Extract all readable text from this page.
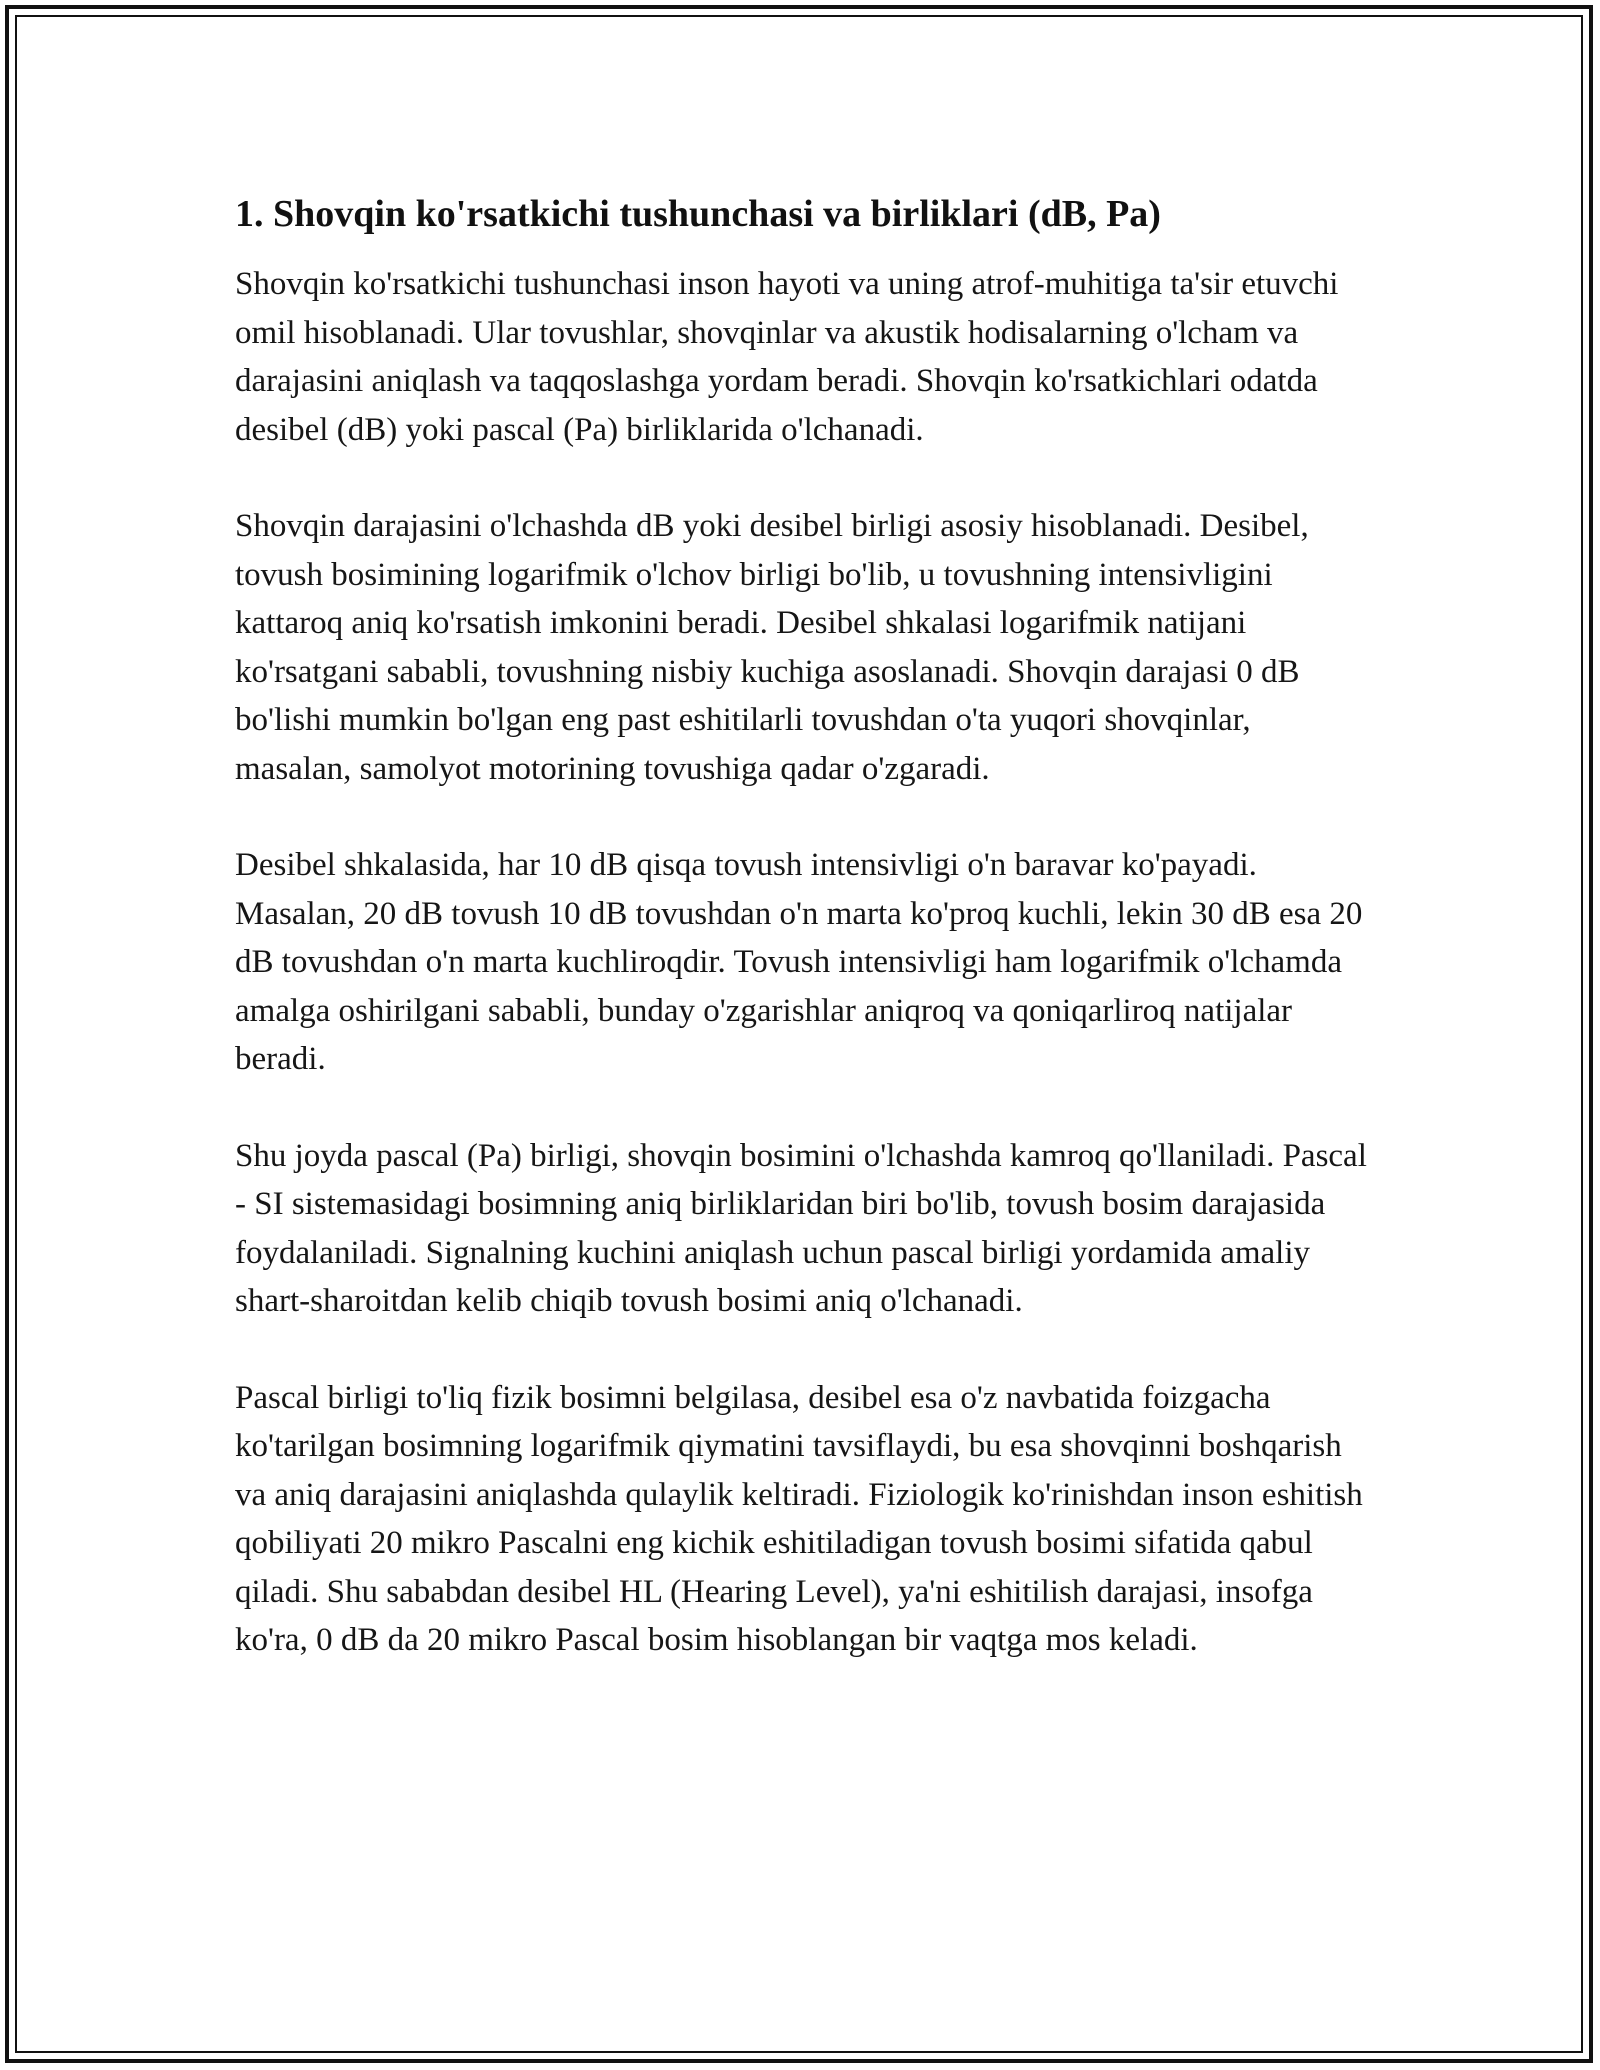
1. Shovqin ko'rsatkichi tushunchasi va birliklari (dB, Pa)

Shovqin ko'rsatkichi tushunchasi inson hayoti va uning atrof-muhitiga ta'sir etuvchi omil hisoblanadi. Ular tovushlar, shovqinlar va akustik hodisalarning o'lcham va darajasini aniqlash va taqqoslashga yordam beradi. Shovqin ko'rsatkichlari odatda desibel (dB) yoki pascal (Pa) birliklarida o'lchanadi.

Shovqin darajasini o'lchashda dB yoki desibel birligi asosiy hisoblanadi. Desibel, tovush bosimining logarifmik o'lchov birligi bo'lib, u tovushning intensivligini kattaroq aniq ko'rsatish imkonini beradi. Desibel shkalasi logarifmik natijani ko'rsatgani sababli, tovushning nisbiy kuchiga asoslanadi. Shovqin darajasi 0 dB bo'lishi mumkin bo'lgan eng past eshitilarli tovushdan o'ta yuqori shovqinlar, masalan, samolyot motorining tovushiga qadar o'zgaradi.

Desibel shkalasida, har 10 dB qisqa tovush intensivligi o'n baravar ko'payadi. Masalan, 20 dB tovush 10 dB tovushdan o'n marta ko'proq kuchli, lekin 30 dB esa 20 dB tovushdan o'n marta kuchliroqdir. Tovush intensivligi ham logarifmik o'lchamda amalga oshirilgani sababli, bunday o'zgarishlar aniqroq va qoniqarliroq natijalar beradi.

Shu joyda pascal (Pa) birligi, shovqin bosimini o'lchashda kamroq qo'llaniladi. Pascal - SI sistemasidagi bosimning aniq birliklaridan biri bo'lib, tovush bosim darajasida foydalaniladi. Signalning kuchini aniqlash uchun pascal birligi yordamida amaliy shart-sharoitdan kelib chiqib tovush bosimi aniq o'lchanadi.

Pascal birligi to'liq fizik bosimni belgilasa, desibel esa o'z navbatida foizgacha ko'tarilgan bosimning logarifmik qiymatini tavsiflaydi, bu esa shovqinni boshqarish va aniq darajasini aniqlashda qulaylik keltiradi. Fiziologik ko'rinishdan inson eshitish qobiliyati 20 mikro Pascalni eng kichik eshitiladigan tovush bosimi sifatida qabul qiladi. Shu sababdan desibel HL (Hearing Level), ya'ni eshitilish darajasi, insofga ko'ra, 0 dB da 20 mikro Pascal bosim hisoblangan bir vaqtga mos keladi.
